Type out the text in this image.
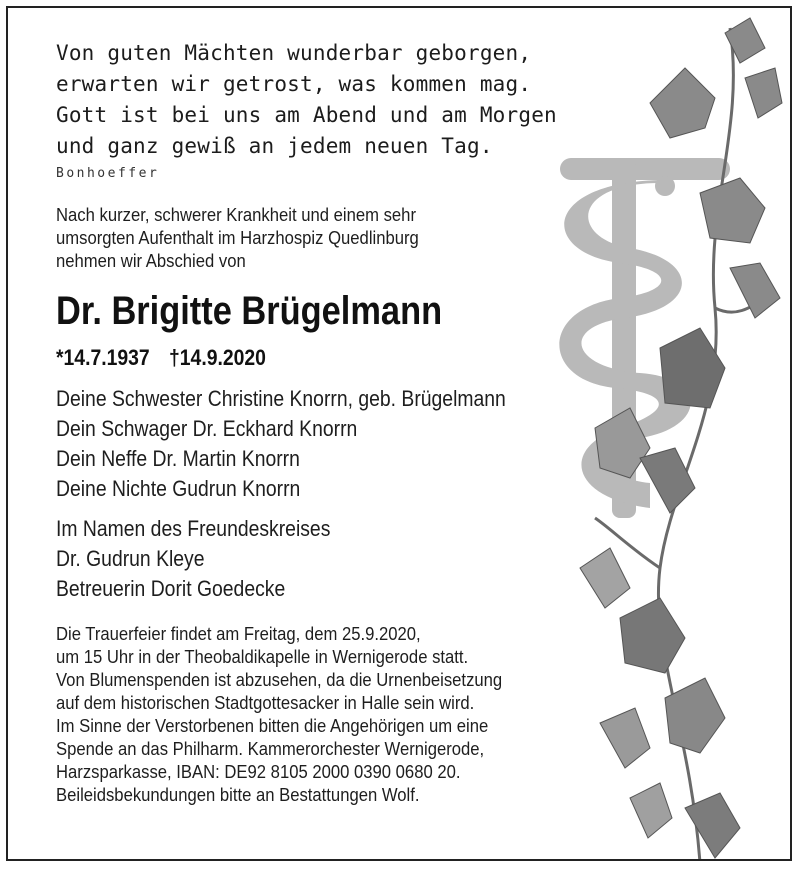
Von guten Mächten wunderbar geborgen,
erwarten wir getrost, was kommen mag.
Gott ist bei uns am Abend und am Morgen
und ganz gewiß an jedem neuen Tag.
Bonhoeffer
Nach kurzer, schwerer Krankheit und einem sehr
umsorgten Aufenthalt im Harzhospiz Quedlinburg
nehmen wir Abschied von
Dr. Brigitte Brügelmann
*14.7.1937 †14.9.2020
Deine Schwester Christine Knorrn, geb. Brügelmann
Dein Schwager Dr. Eckhard Knorrn
Dein Neffe Dr. Martin Knorrn
Deine Nichte Gudrun Knorrn
Im Namen des Freundeskreises
Dr. Gudrun Kleye
Betreuerin Dorit Goedecke
Die Trauerfeier findet am Freitag, dem 25.9.2020,
um 15 Uhr in der Theobaldikapelle in Wernigerode statt.
Von Blumenspenden ist abzusehen, da die Urnenbeisetzung
auf dem historischen Stadtgottesacker in Halle sein wird.
Im Sinne der Verstorbenen bitten die Angehörigen um eine
Spende an das Philharm. Kammerorchester Wernigerode,
Harzsparkasse, IBAN: DE92 8105 2000 0390 0680 20.
Beileidsbekundungen bitte an Bestattungen Wolf.
